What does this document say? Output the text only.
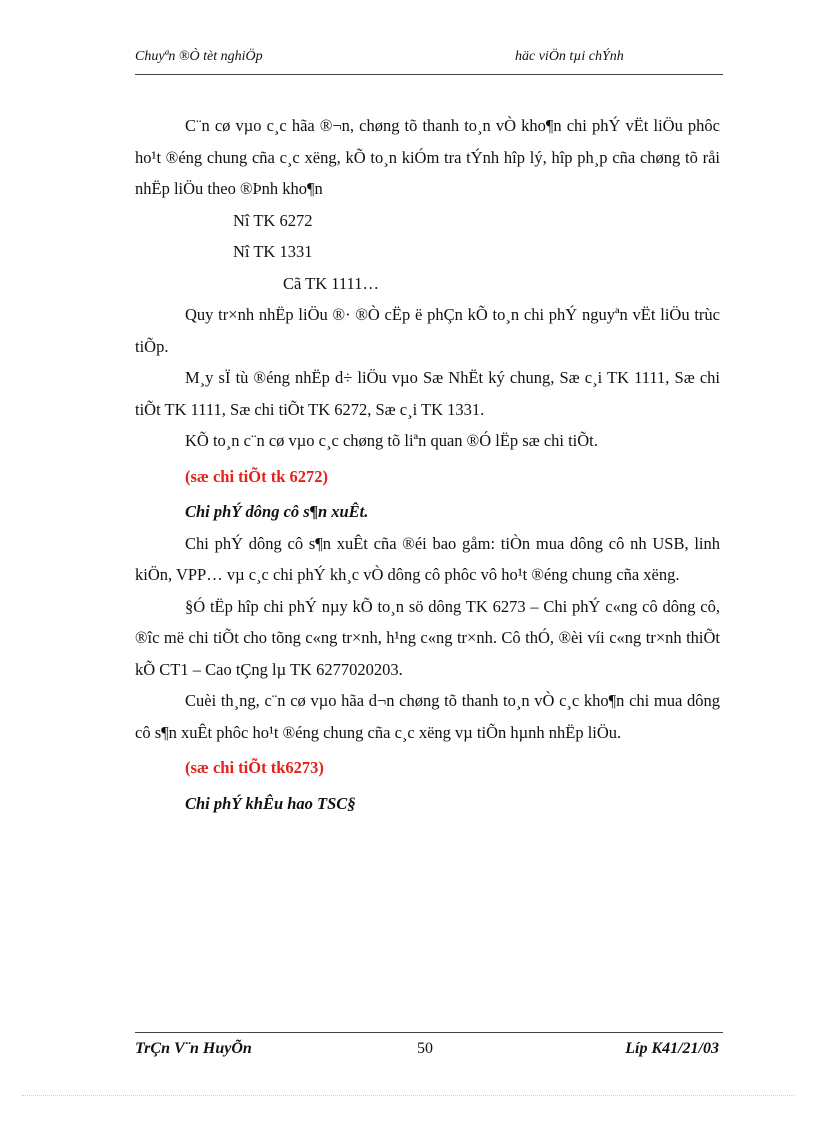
Chuyªn ®Ò tèt nghiÖp	häc viÖn tµi chÝnh

C¨n cø vµo c¸c hãa ®¬n, chøng tõ thanh to¸n vÒ kho¶n chi phÝ vËt liÖu phôc ho¹t ®éng chung cña c¸c xëng, kÕ to¸n kiÓm tra tÝnh hîp lý, hîp ph¸p cña chøng tõ råi nhËp liÖu theo ®Þnh kho¶n

Nî TK 6272

Nî TK 1331

Cã TK 1111…

Quy tr×nh nhËp liÖu ®· ®Ò cËp ë phÇn kÕ to¸n chi phÝ nguyªn vËt liÖu trùc tiÕp.

M¸y sÏ tù ®éng nhËp d÷ liÖu vµo Sæ NhËt ký chung, Sæ c¸i TK 1111, Sæ chi tiÕt TK 1111, Sæ chi tiÕt TK 6272, Sæ c¸i TK 1331.

KÕ to¸n c¨n cø vµo c¸c chøng tõ liªn quan ®Ó lËp sæ chi tiÕt.

(sæ chi tiÕt tk 6272)

Chi phÝ dông cô s¶n xuÊt.

Chi phÝ dông cô s¶n xuÊt cña ®éi bao gåm: tiÒn mua dông cô nh USB, linh kiÖn, VPP… vµ c¸c chi phÝ kh¸c vÒ dông cô phôc vô ho¹t ®éng chung cña xëng.

§Ó tËp hîp chi phÝ nµy kÕ to¸n sö dông TK 6273 – Chi phÝ c«ng cô dông cô, ®îc më chi tiÕt cho tõng c«ng tr×nh, h¹ng c«ng tr×nh. Cô thÓ, ®èi víi c«ng tr×nh thiÕt kÕ CT1 – Cao tÇng lµ TK 6277020203.

Cuèi th¸ng, c¨n cø vµo hãa d¬n chøng tõ thanh to¸n vÒ c¸c kho¶n chi mua dông cô s¶n xuÊt phôc ho¹t ®éng chung cña c¸c xëng vµ tiÕn hµnh nhËp liÖu.

(sæ chi tiÕt tk6273)

Chi phÝ khÊu hao TSC§

TrÇn V¨n HuyÕn	50	Líp K41/21/03
